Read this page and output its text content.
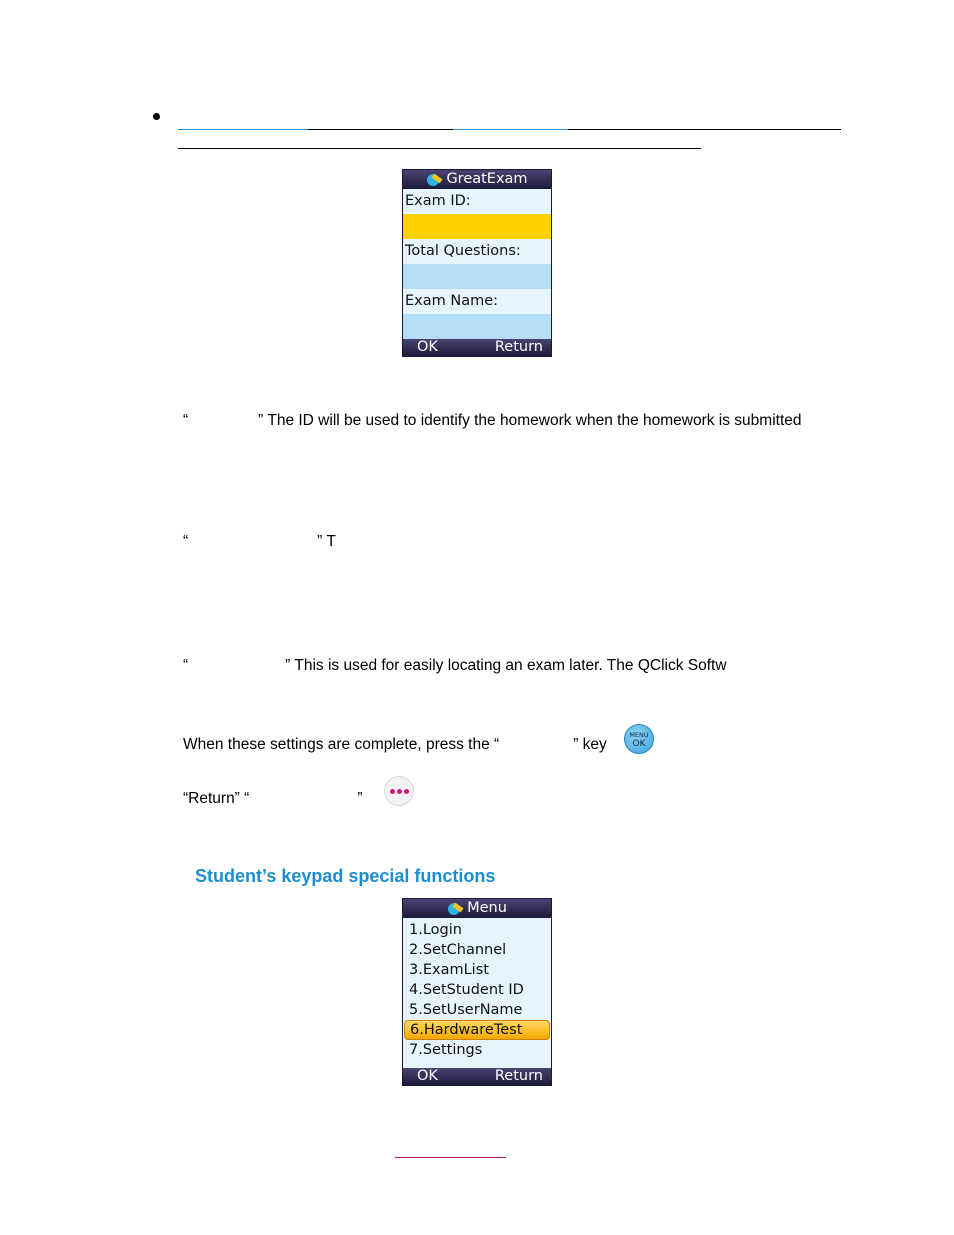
GreatExam
Exam ID:
Total Questions:
Exam Name:
OK	Return
“	” The ID will be used to identify the homework when the homework is submitted
“	” T
“	” This is used for easily locating an exam later. The QClick Softw
When these settings are complete, press the “	” key
MENU
OK
“Return” “	”
Student’s keypad special functions
Menu
1.Login
2.SetChannel
3.ExamList
4.SetStudent ID
5.SetUserName
6.HardwareTest
7.Settings
OK	Return
